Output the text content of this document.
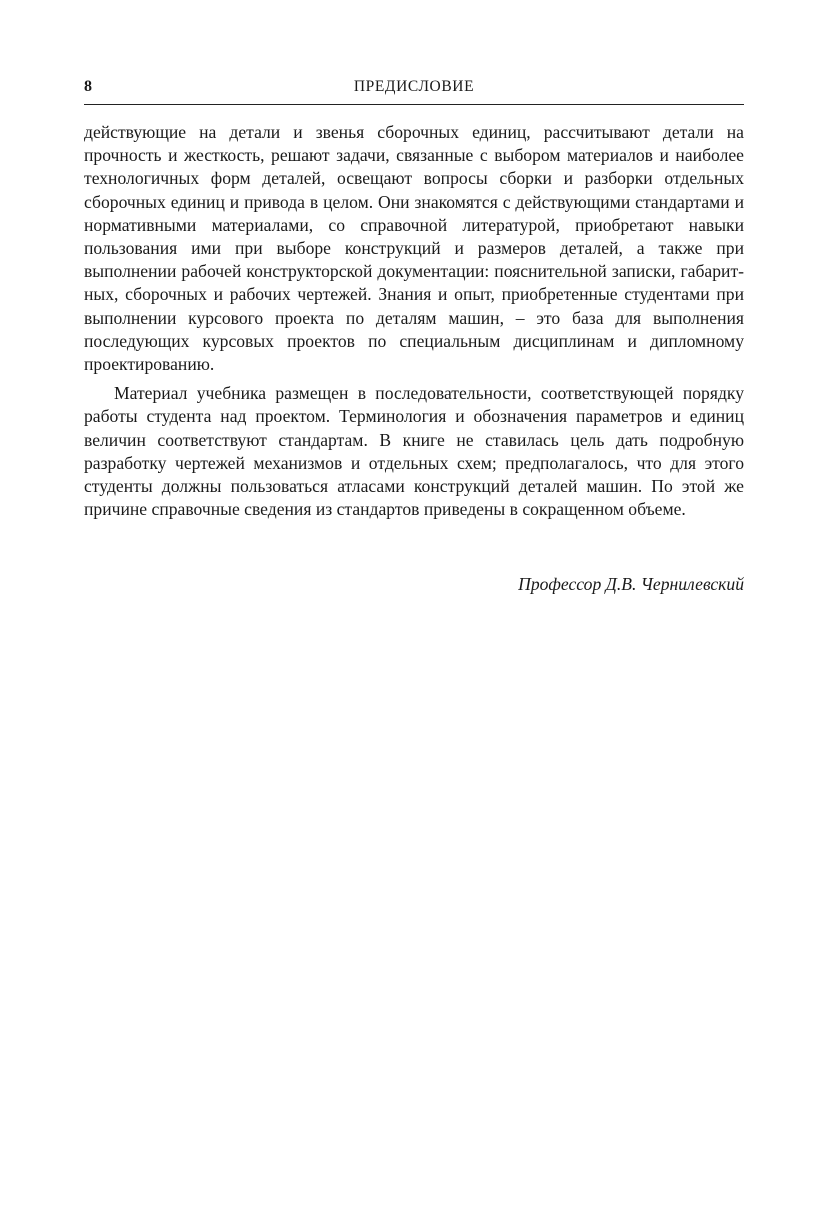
8	ПРЕДИСЛОВИЕ

действующие на детали и звенья сборочных единиц, рассчитывают детали на прочность и жесткость, решают задачи, связанные с выбором материалов и наиболее технологичных форм деталей, освещают вопросы сборки и разборки отдельных сборочных единиц и привода в целом. Они знакомятся с действующими стандартами и нормативными материалами, со справочной литературой, приобретают навыки пользования ими при выборе конструкций и размеров деталей, а также при выполнении рабочей конструкторской документации: пояснительной записки, габаритных, сборочных и рабочих чертежей. Знания и опыт, приобретенные студентами при выполнении курсового проекта по деталям машин, – это база для выполнения последующих курсовых проектов по специальным дисциплинам и дипломному проектированию.

Материал учебника размещен в последовательности, соответствующей порядку работы студента над проектом. Терминология и обозначения параметров и единиц величин соответствуют стандартам. В книге не ставилась цель дать подробную разработку чертежей механизмов и отдельных схем; предполагалось, что для этого студенты должны пользоваться атласами конструкций деталей машин. По этой же причине справочные сведения из стандартов приведены в сокращенном объеме.

Профессор Д.В. Чернилевский
